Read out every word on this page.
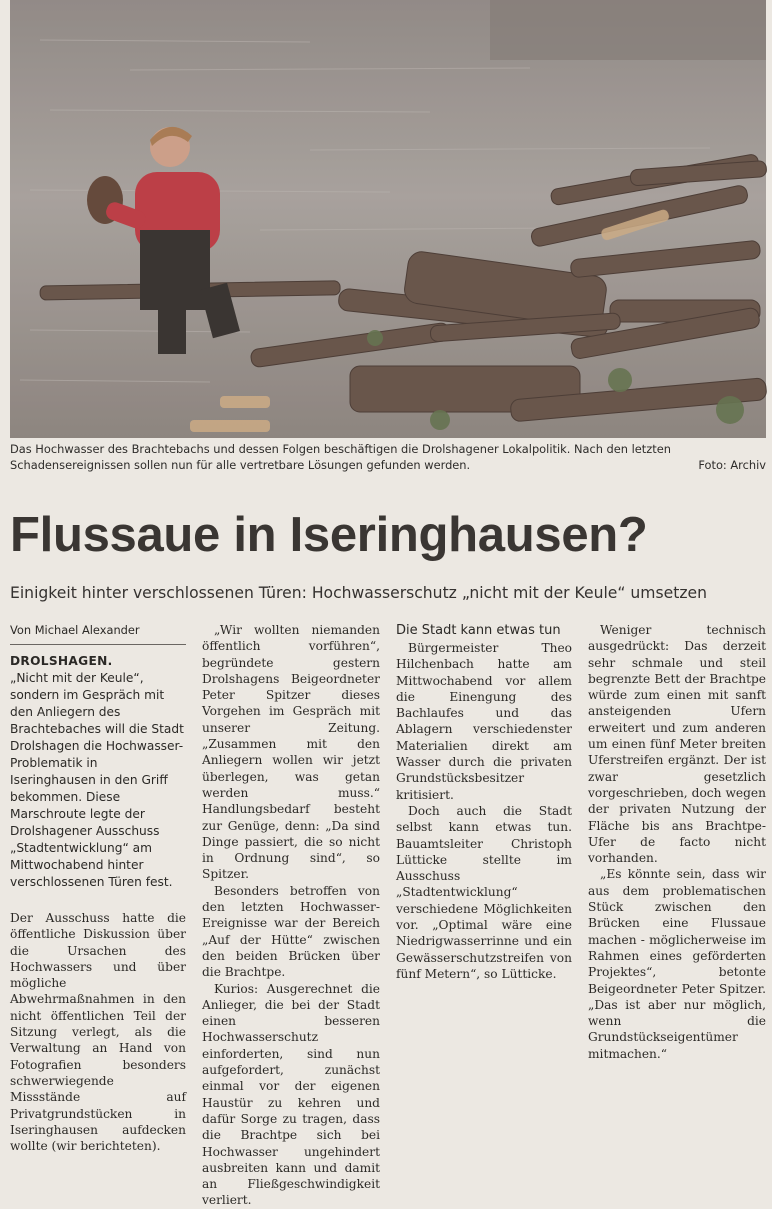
Das Hochwasser des Brachtebachs und dessen Folgen beschäftigen die Drolshagener Lokalpolitik. Nach den letzten Schadensereignissen sollen nun für alle vertretbare Lösungen gefunden werden.	Foto: Archiv
Flussaue in Iseringhausen?
Einigkeit hinter verschlossenen Türen: Hochwasserschutz „nicht mit der Keule“ umsetzen
Von Michael Alexander
DROLSHAGEN.
„Nicht mit der Keule“, sondern im Gespräch mit den Anliegern des Brachtebaches will die Stadt Drolshagen die Hochwasser-Problematik in Iseringhausen in den Griff bekommen. Diese Marschroute legte der Drolshagener Ausschuss „Stadtentwicklung“ am Mittwochabend hinter verschlossenen Türen fest.

Der Ausschuss hatte die öffentliche Diskussion über die Ursachen des Hochwassers und über mögliche Abwehrmaßnahmen in den nicht öffentlichen Teil der Sitzung verlegt, als die Verwaltung an Hand von Fotografien besonders schwerwiegende Missstände auf Privatgrundstücken in Iseringhausen aufdecken wollte (wir berichteten).

„Wir wollten niemanden öffentlich vorführen“, begründete gestern Drolshagens Beigeordneter Peter Spitzer dieses Vorgehen im Gespräch mit unserer Zeitung. „Zusammen mit den Anliegern wollen wir jetzt überlegen, was getan werden muss.“ Handlungsbedarf besteht zur Genüge, denn: „Da sind Dinge passiert, die so nicht in Ordnung sind“, so Spitzer.

Besonders betroffen von den letzten Hochwasser-Ereignisse war der Bereich „Auf der Hütte“ zwischen den beiden Brücken über die Brachtpe.

Kurios: Ausgerechnet die Anlieger, die bei der Stadt einen besseren Hochwasserschutz einforderten, sind nun aufgefordert, zunächst einmal vor der eigenen Haustür zu kehren und dafür Sorge zu tragen, dass die Brachtpe sich bei Hochwasser ungehindert ausbreiten kann und damit an Fließgeschwindigkeit verliert.

Die Stadt kann etwas tun

Bürgermeister Theo Hilchenbach hatte am Mittwochabend vor allem die Einengung des Bachlaufes und das Ablagern verschiedenster Materialien direkt am Wasser durch die privaten Grundstücksbesitzer kritisiert.

Doch auch die Stadt selbst kann etwas tun. Bauamtsleiter Christoph Lütticke stellte im Ausschuss „Stadtentwicklung“ verschiedene Möglichkeiten vor. „Optimal wäre eine Niedrigwasserrinne und ein Gewässerschutzstreifen von fünf Metern“, so Lütticke.

Weniger technisch ausgedrückt: Das derzeit sehr schmale und steil begrenzte Bett der Brachtpe würde zum einen mit sanft ansteigenden Ufern erweitert und zum anderen um einen fünf Meter breiten Uferstreifen ergänzt. Der ist zwar gesetzlich vorgeschrieben, doch wegen der privaten Nutzung der Fläche bis ans Brachtpe-Ufer de facto nicht vorhanden.

„Es könnte sein, dass wir aus dem problematischen Stück zwischen den Brücken eine Flussaue machen - möglicherweise im Rahmen eines geförderten Projektes“, betonte Beigeordneter Peter Spitzer. „Das ist aber nur möglich, wenn die Grundstückseigentümer mitmachen.“
